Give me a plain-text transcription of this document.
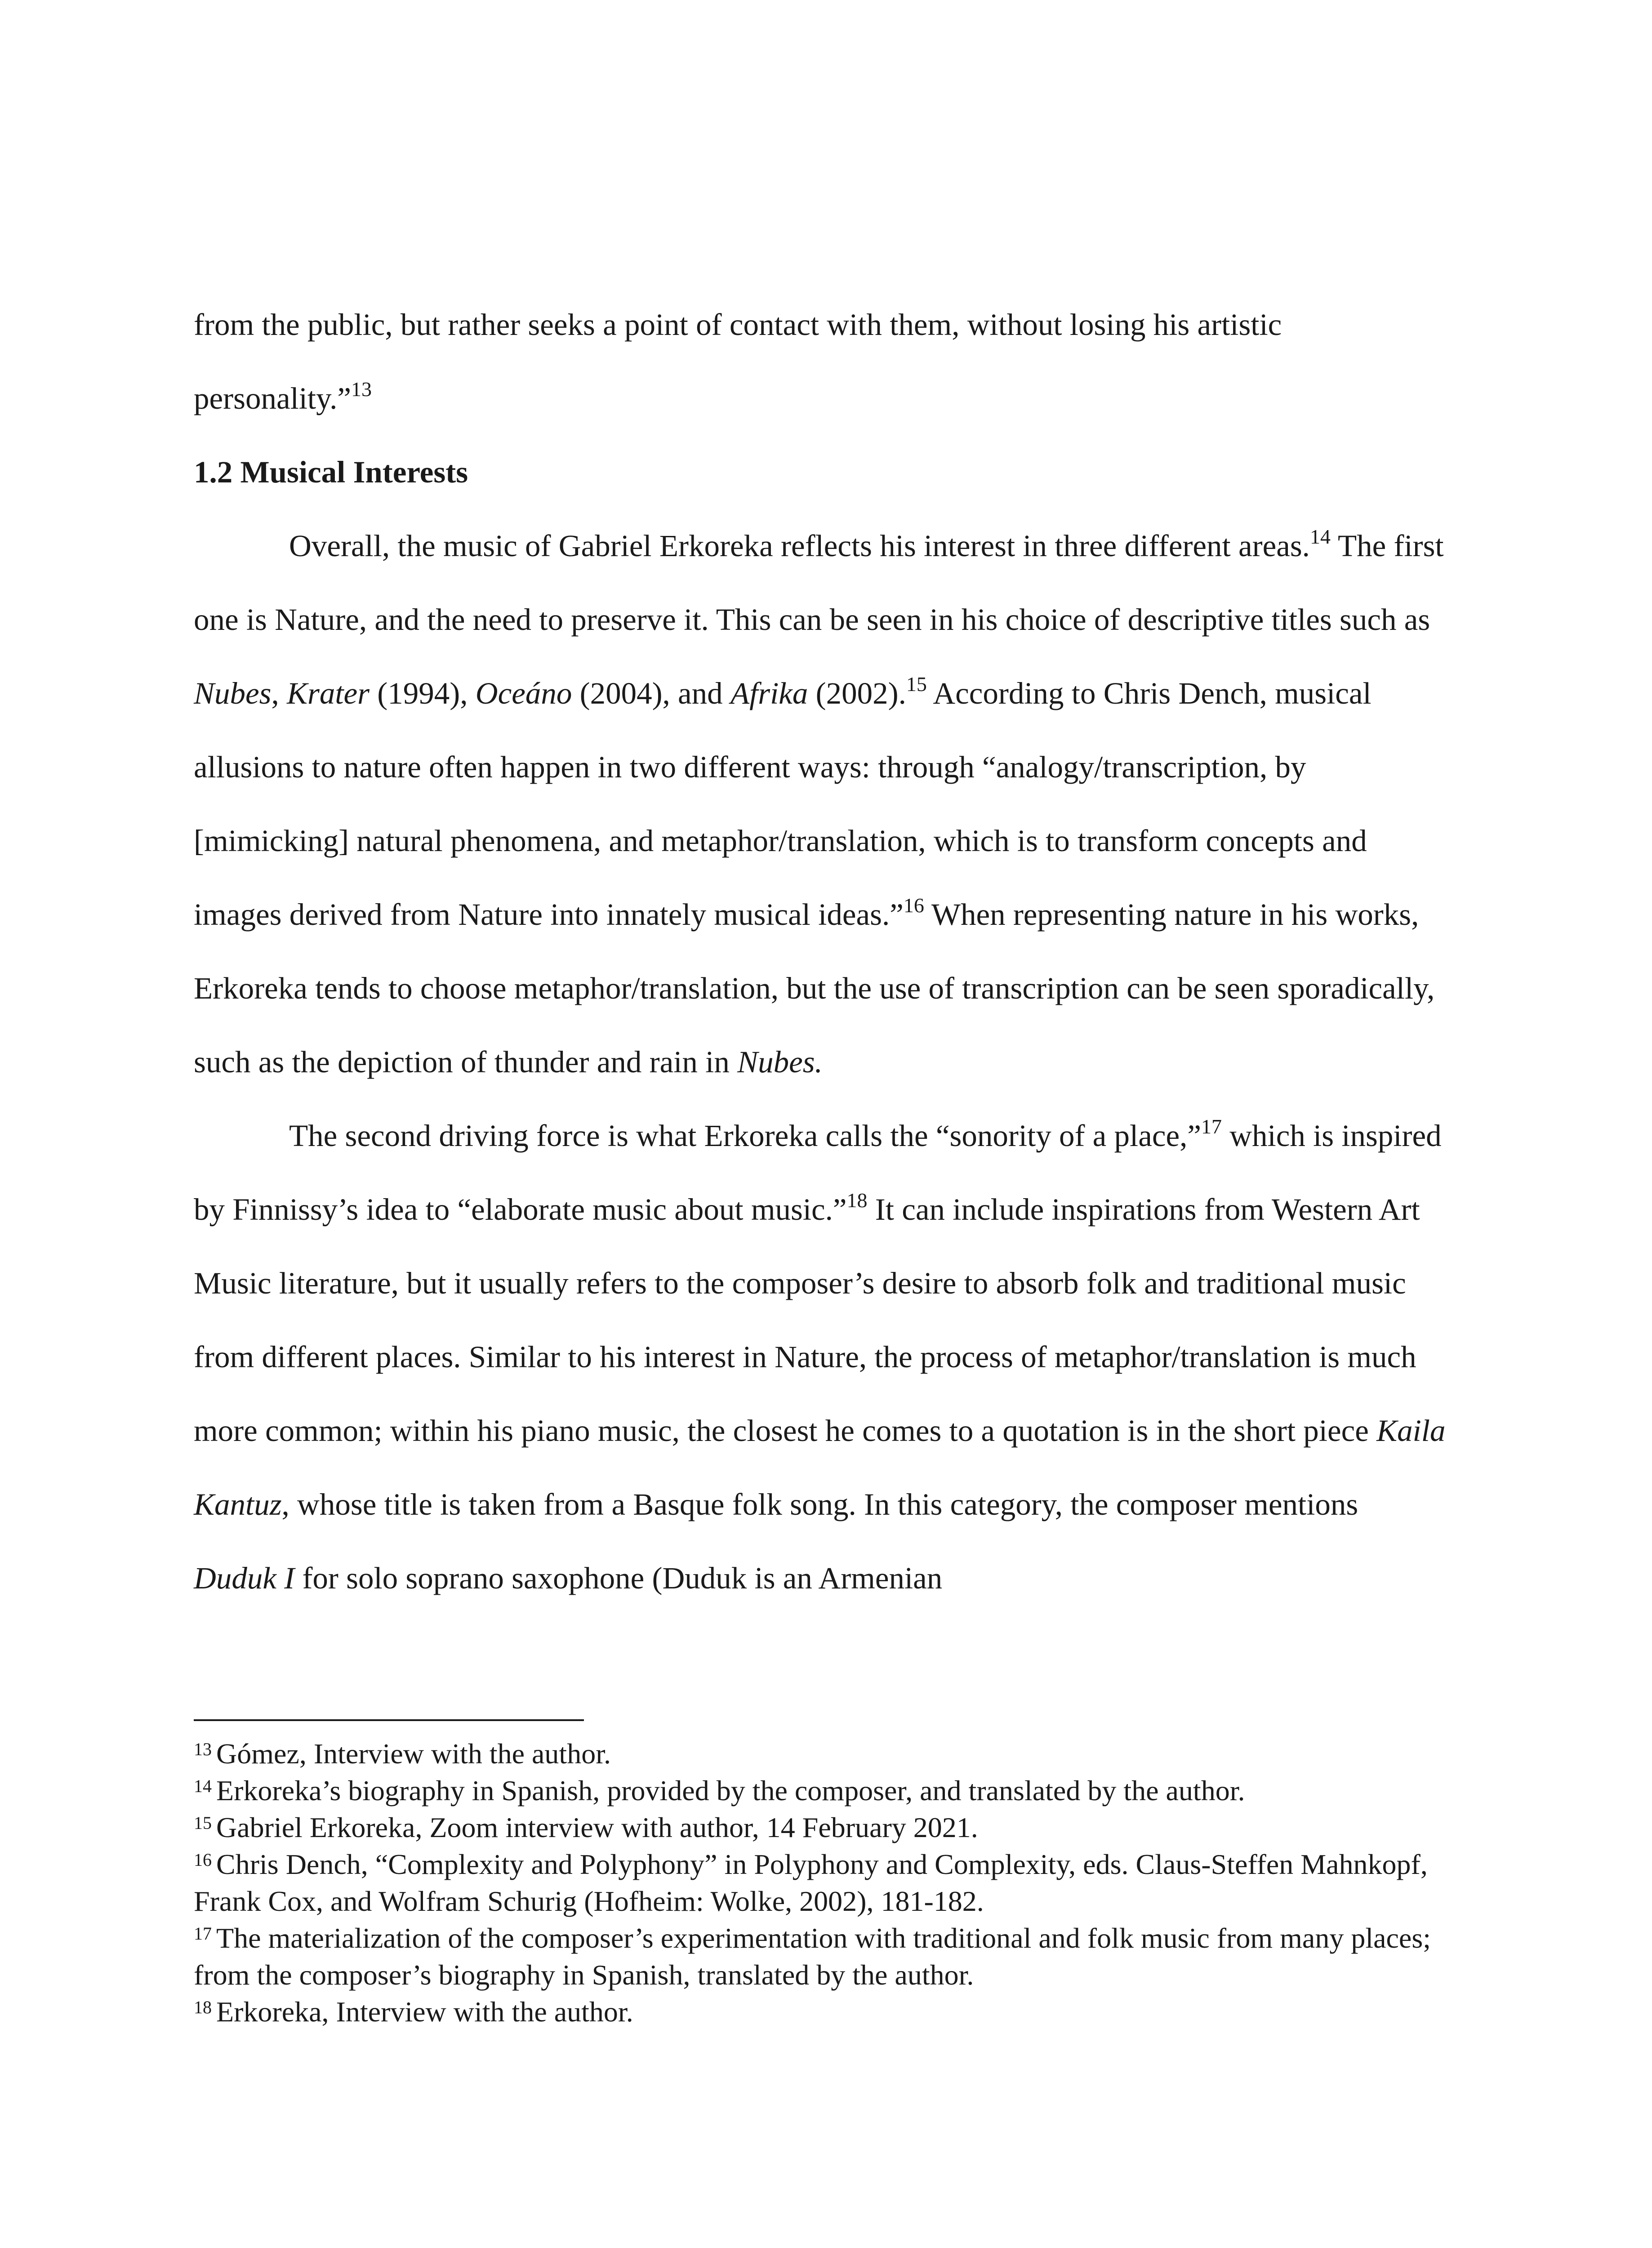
from the public, but rather seeks a point of contact with them, without losing his artistic personality.”$^{13}$

1.2 Musical Interests

Overall, the music of Gabriel Erkoreka reflects his interest in three different areas.$^{14}$ The first one is Nature, and the need to preserve it. This can be seen in his choice of descriptive titles such as Nubes, Krater (1994), Oceáno (2004), and Afrika (2002).$^{15}$ According to Chris Dench, musical allusions to nature often happen in two different ways: through “analogy/transcription, by [mimicking] natural phenomena, and metaphor/translation, which is to transform concepts and images derived from Nature into innately musical ideas.”$^{16}$ When representing nature in his works, Erkoreka tends to choose metaphor/translation, but the use of transcription can be seen sporadically, such as the depiction of thunder and rain in Nubes.

The second driving force is what Erkoreka calls the “sonority of a place,”$^{17}$ which is inspired by Finnissy’s idea to “elaborate music about music.”$^{18}$ It can include inspirations from Western Art Music literature, but it usually refers to the composer’s desire to absorb folk and traditional music from different places. Similar to his interest in Nature, the process of metaphor/translation is much more common; within his piano music, the closest he comes to a quotation is in the short piece Kaila Kantuz, whose title is taken from a Basque folk song. In this category, the composer mentions Duduk I for solo soprano saxophone (Duduk is an Armenian

$^{13}$ Gómez, Interview with the author.

$^{14}$ Erkoreka’s biography in Spanish, provided by the composer, and translated by the author.

$^{15}$ Gabriel Erkoreka, Zoom interview with author, 14 February 2021.

$^{16}$ Chris Dench, “Complexity and Polyphony” in Polyphony and Complexity, eds. Claus-Steffen Mahnkopf, Frank Cox, and Wolfram Schurig (Hofheim: Wolke, 2002), 181-182.

$^{17}$ The materialization of the composer’s experimentation with traditional and folk music from many places; from the composer’s biography in Spanish, translated by the author.

$^{18}$ Erkoreka, Interview with the author.
